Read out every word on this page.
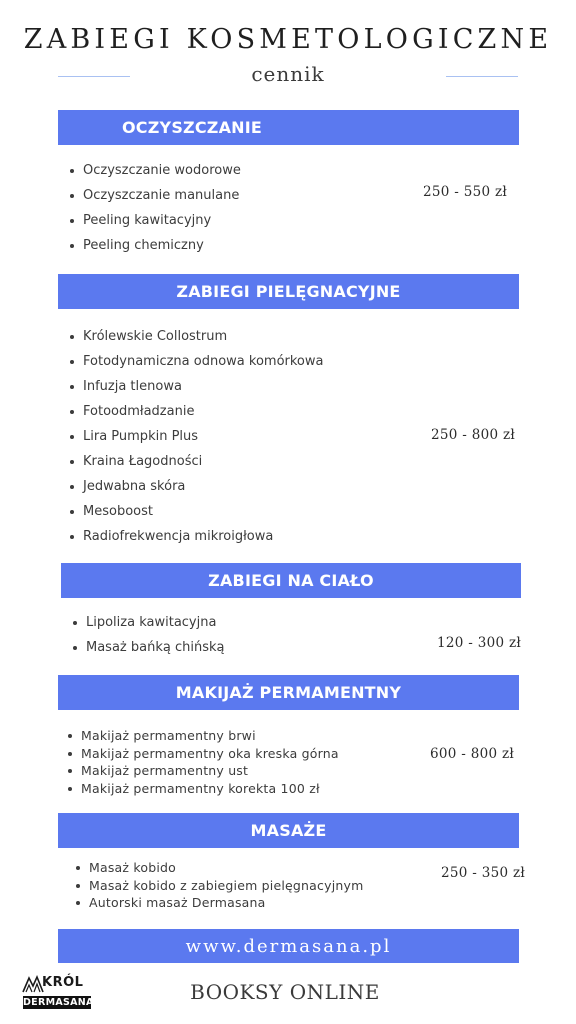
ZABIEGI KOSMETOLOGICZNE
cennik
OCZYSZCZANIE
Oczyszczanie wodorowe
Oczyszczanie manulane
Peeling kawitacyjny
Peeling chemiczny
250 - 550 zł
ZABIEGI PIELĘGNACYJNE
Królewskie Collostrum
Fotodynamiczna odnowa komórkowa
Infuzja tlenowa
Fotoodmładzanie
Lira Pumpkin Plus
Kraina Łagodności
Jedwabna skóra
Mesoboost
Radiofrekwencja mikroigłowa
250 - 800 zł
ZABIEGI NA CIAŁO
Lipoliza kawitacyjna
Masaż bańką chińską	120 - 300 zł
MAKIJAŻ PERMAMENTNY
Makijaż permamentny brwi
Makijaż permamentny oka kreska górna
Makijaż permamentny ust
Makijaż permamentny korekta 100 zł
600 - 800 zł
MASAŻE
Masaż kobido
Masaż kobido z zabiegiem pielęgnacyjnym
Autorski masaż Dermasana
250 - 350 zł
www.dermasana.pl
KRÓL
DERMASANA	BOOKSY ONLINE
